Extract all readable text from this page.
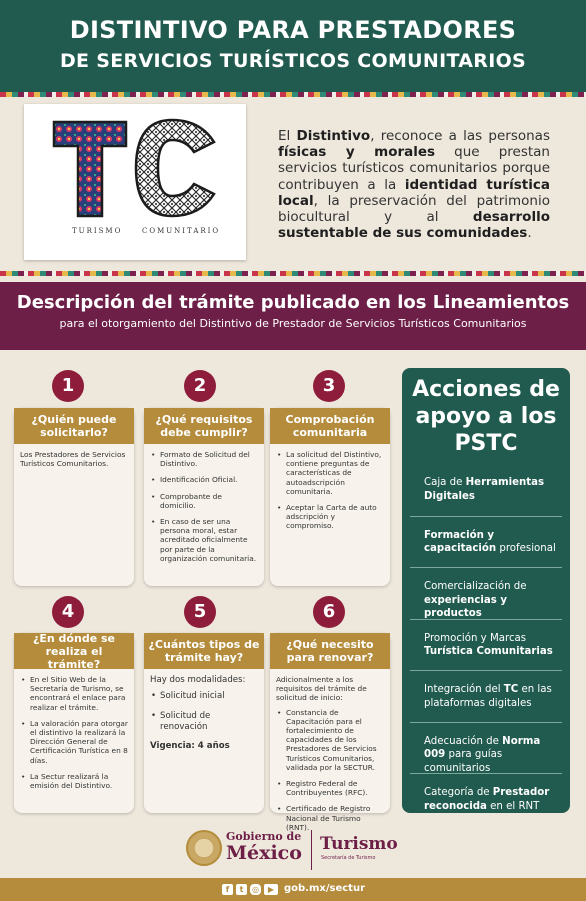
DISTINTIVO PARA PRESTADORES
DE SERVICIOS TURÍSTICOS COMUNITARIOS
TURISMO	COMUNITARIO
El Distintivo, reconoce a las personas físicas y morales que prestan servicios turísticos comunitarios porque contribuyen a la identidad turística local, la preservación del patrimonio biocultural y al desarrollo sustentable de sus comunidades.
Descripción del trámite publicado en los Lineamientos
para el otorgamiento del Distintivo de Prestador de Servicios Turísticos Comunitarios
1	2	3
4	5	6
¿Quién puede solicitarlo?

Los Prestadores de Servicios Turísticos Comunitarios.

¿Qué requisitos debe cumplir?
• Formato de Solicitud del Distintivo.
• Identificación Oficial.
• Comprobante de domicilio.
• En caso de ser una persona moral, estar acreditado oficialmente por parte de la organización comunitaria.
Comprobación comunitaria
• La solicitud del Distintivo, contiene preguntas de características de autoadscripción comunitaria.
• Aceptar la Carta de auto adscripción y compromiso.
¿En dónde se realiza el trámite?
• En el Sitio Web de la Secretaría de Turismo, se encontrará el enlace para realizar el trámite.
• La valoración para otorgar el distintivo la realizará la Dirección General de Certificación Turística en 8 días.
• La Sectur realizará la emisión del Distintivo.
¿Cuántos tipos de trámite hay?

Hay dos modalidades:

• Solicitud inicial
• Solicitud de renovación

Vigencia: 4 años

¿Qué necesito para renovar?

Adicionalmente a los requisitos del trámite de solicitud de inicio:

• Constancia de Capacitación para el fortalecimiento de capacidades de los Prestadores de Servicios Turísticos Comunitarios, validada por la SECTUR.
• Registro Federal de Contribuyentes (RFC).
• Certificado de Registro Nacional de Turismo (RNT).
Acciones de apoyo a los PSTC
Caja de Herramientas Digitales
Formación y capacitación profesional
Comercialización de experiencias y productos
Promoción y Marcas Turística Comunitarias
Integración del TC en las plataformas digitales
Adecuación de Norma 009 para guías comunitarios
Categoría de Prestador reconocida en el RNT
Gobierno de
México Turismo
Secretaría de Turismo
f	t	◎	▶ gob.mx/sectur
